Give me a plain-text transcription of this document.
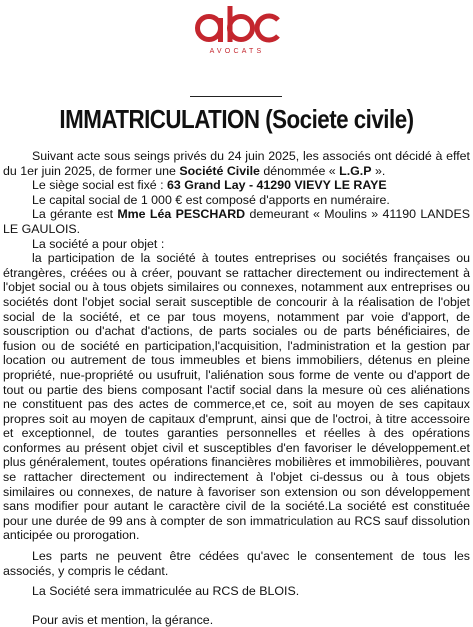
AVOCATS
IMMATRICULATION (Societe civile)

Suivant acte sous seings privés du 24 juin 2025, les associés ont décidé à effet du 1er juin 2025, de former une Société Civile dénommée « L.G.P ».

Le siège social est fixé : 63 Grand Lay - 41290 VIEVY LE RAYE

Le capital social de 1 000 € est composé d'apports en numéraire.

La gérante est Mme Léa PESCHARD demeurant « Moulins » 41190 LANDES LE GAULOIS.

La société a pour objet :

la participation de la société à toutes entreprises ou sociétés françaises ou étrangères, créées ou à créer, pouvant se rattacher directement ou indirectement à l'objet social ou à tous objets similaires ou connexes, notamment aux entreprises ou sociétés dont l'objet social serait susceptible de concourir à la réalisation de l'objet social de la société, et ce par tous moyens, notamment par voie d'apport, de souscription ou d'achat d'actions, de parts sociales ou de parts bénéficiaires, de fusion ou de société en participation,l'acquisition, l'administration et la gestion par location ou autrement de tous immeubles et biens immobiliers, détenus en pleine propriété, nue-propriété ou usufruit, l'aliénation sous forme de vente ou d'apport de tout ou partie des biens composant l'actif social dans la mesure où ces aliénations ne constituent pas des actes de commerce,et ce, soit au moyen de ses capitaux propres soit au moyen de capitaux d'emprunt, ainsi que de l'octroi, à titre accessoire et exceptionnel, de toutes garanties personnelles et réelles à des opérations conformes au présent objet civil et susceptibles d'en favoriser le développement.et plus généralement, toutes opérations financières mobilières et immobilières, pouvant se rattacher directement ou indirectement à l'objet ci-dessus ou à tous objets similaires ou connexes, de nature à favoriser son extension ou son développement sans modifier pour autant le caractère civil de la société.La société est constituée pour une durée de 99 ans à compter de son immatriculation au RCS sauf dissolution anticipée ou prorogation.

Les parts ne peuvent être cédées qu'avec le consentement de tous les associés, y compris le cédant.

La Société sera immatriculée au RCS de BLOIS.

Pour avis et mention, la gérance.
